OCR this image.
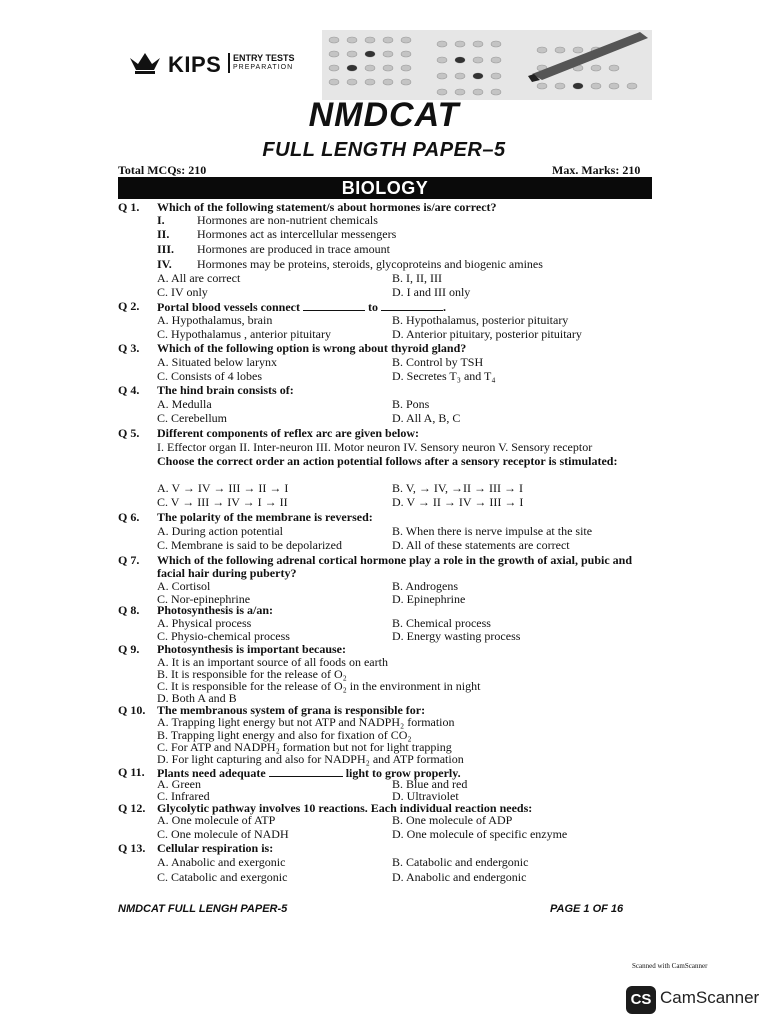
KIPS ENTRY TESTS
PREPARATION
NMDCAT
FULL LENGTH PAPER–5
Total MCQs: 210	Max. Marks: 210
BIOLOGY
Q 1. Which of the following statement/s about hormones is/are correct?
I.	Hormones are non-nutrient chemicals
II. Hormones act as intercellular messengers
III. Hormones are produced in trace amount
IV. Hormones may be proteins, steroids, glycoproteins and biogenic amines
A. All are correct	B. I, II, III
C. IV only	D. I and III only
Q 2. Portal blood vessels connect	to	.
A. Hypothalamus, brain	B. Hypothalamus, posterior pituitary
C. Hypothalamus , anterior pituitary	D. Anterior pituitary, posterior pituitary
Q 3. Which of the following option is wrong about thyroid gland?
A. Situated below larynx	B. Control by TSH
C. Consists of 4 lobes	D. Secretes T₃ and T₄
Q 4. The hind brain consists of:
A. Medulla	B. Pons
C. Cerebellum	D. All A, B, C
Q 5. Different components of reflex arc are given below:
I. Effector organ II. Inter-neuron III. Motor neuron IV. Sensory neuron V. Sensory receptor
Choose the correct order an action potential follows after a sensory receptor is stimulated:
A. V → IV → III → II → I	B. V, → IV, →II → III → I
C. V → III → IV → I → II	D. V → II → IV → III → I
Q 6. The polarity of the membrane is reversed:
A. During action potential	B. When there is nerve impulse at the site
C. Membrane is said to be depolarized	D. All of these statements are correct
Q 7. Which of the following adrenal cortical hormone play a role in the growth of axial, pubic and facial hair during puberty?
A. Cortisol	B. Androgens
C. Nor-epinephrine	D. Epinephrine
Q 8. Photosynthesis is a/an:
A. Physical process	B. Chemical process
C. Physio-chemical process	D. Energy wasting process
Q 9. Photosynthesis is important because:
A. It is an important source of all foods on earth
B. It is responsible for the release of O₂
C. It is responsible for the release of O₂ in the environment in night
D. Both A and B
Q 10. The membranous system of grana is responsible for:
A. Trapping light energy but not ATP and NADPH₂ formation
B. Trapping light energy and also for fixation of CO₂
C. For ATP and NADPH₂ formation but not for light trapping
D. For light capturing and also for NADPH₂ and ATP formation
Q 11. Plants need adequate	light to grow properly.
A. Green	B. Blue and red
C. Infrared	D. Ultraviolet
Q 12. Glycolytic pathway involves 10 reactions. Each individual reaction needs:
A. One molecule of ATP	B. One molecule of ADP
C. One molecule of NADH	D. One molecule of specific enzyme
Q 13. Cellular respiration is:
A. Anabolic and exergonic	B. Catabolic and endergonic
C. Catabolic and exergonic	D. Anabolic and endergonic
NMDCAT FULL LENGH PAPER-5	PAGE 1 OF 16
Scanned with CamScanner
CS CamScanner
